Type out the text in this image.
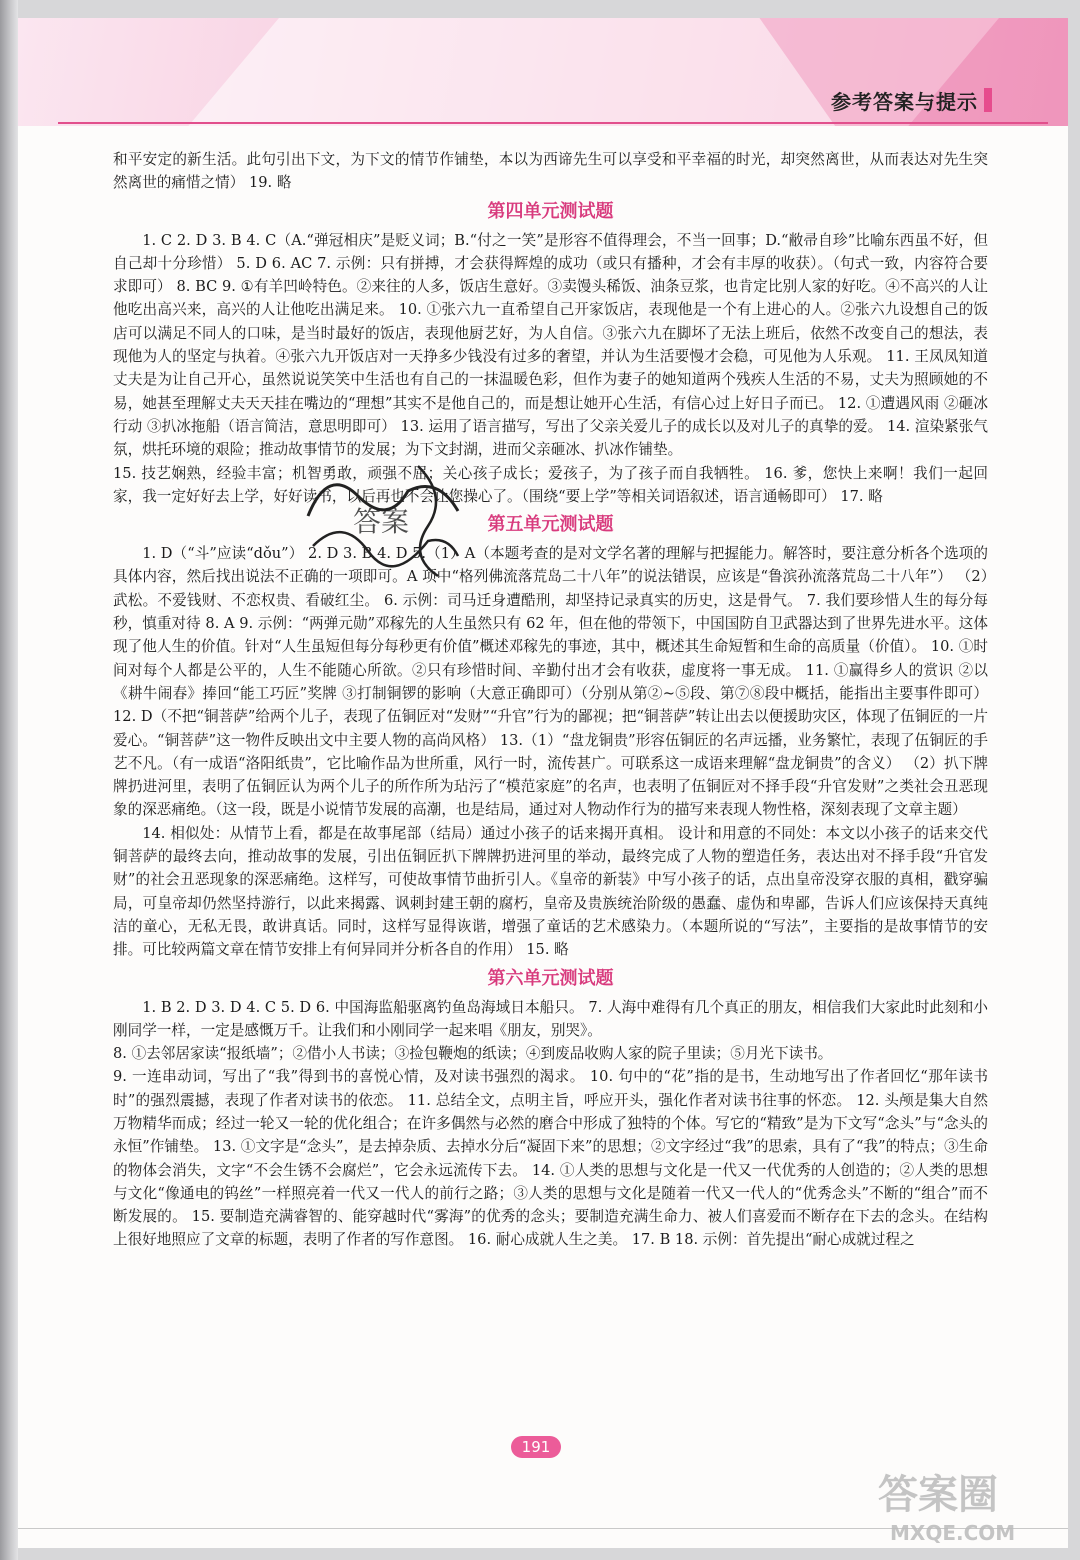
参考答案与提示

和平安定的新生活。此句引出下文，为下文的情节作铺垫，本以为西谛先生可以享受和平幸福的时光，却突然离世，从而表达对先生突然离世的痛惜之情） 19. 略

第四单元测试题

1. C 2. D 3. B 4. C（A.“弹冠相庆”是贬义词；B.“付之一笑”是形容不值得理会，不当一回事；D.“敝帚自珍”比喻东西虽不好，但自己却十分珍惜） 5. D 6. AC 7. 示例：只有拼搏，才会获得辉煌的成功（或只有播种，才会有丰厚的收获）。（句式一致，内容符合要求即可） 8. BC 9. ①有羊凹岭特色。②来往的人多，饭店生意好。③卖馒头稀饭、油条豆浆，也肯定比别人家的好吃。④不高兴的人让他吃出高兴来，高兴的人让他吃出满足来。 10. ①张六九一直希望自己开家饭店，表现他是一个有上进心的人。②张六九设想自己的饭店可以满足不同人的口味，是当时最好的饭店，表现他厨艺好，为人自信。③张六九在脚坏了无法上班后，依然不改变自己的想法，表现他为人的坚定与执着。④张六九开饭店对一天挣多少钱没有过多的奢望，并认为生活要慢才会稳，可见他为人乐观。 11. 王凤凤知道丈夫是为让自己开心，虽然说说笑笑中生活也有自己的一抹温暖色彩，但作为妻子的她知道两个残疾人生活的不易，丈夫为照顾她的不易，她甚至理解丈夫天天挂在嘴边的“理想”其实不是他自己的，而是想让她开心生活，有信心过上好日子而已。 12. ①遭遇风雨 ②砸冰行动 ③扒冰拖船（语言简洁，意思明即可） 13. 运用了语言描写，写出了父亲关爱儿子的成长以及对儿子的真挚的爱。 14. 渲染紧张气氛，烘托环境的艰险；推动故事情节的发展；为下文封湖，进而父亲砸冰、扒冰作铺垫。

15. 技艺娴熟，经验丰富；机智勇敢，顽强不屈；关心孩子成长；爱孩子，为了孩子而自我牺牲。 16. 爹，您快上来啊！我们一起回家，我一定好好去上学，好好读书，以后再也不会让您操心了。（围绕“要上学”等相关词语叙述，语言通畅即可） 17. 略

第五单元测试题

1. D（“斗”应读“dǒu”） 2. D 3. B 4. D 5.（1）A（本题考查的是对文学名著的理解与把握能力。解答时，要注意分析各个选项的具体内容，然后找出说法不正确的一项即可。A 项中“格列佛流落荒岛二十八年”的说法错误，应该是“鲁滨孙流落荒岛二十八年”） （2）武松。不爱钱财、不恋权贵、看破红尘。 6. 示例：司马迁身遭酷刑，却坚持记录真实的历史，这是骨气。 7. 我们要珍惜人生的每分每秒，慎重对待 8. A 9. 示例：“两弹元勋”邓稼先的人生虽然只有 62 年，但在他的带领下，中国国防自卫武器达到了世界先进水平。这体现了他人生的价值。针对“人生虽短但每分每秒更有价值”概述邓稼先的事迹，其中，概述其生命短暂和生命的高质量（价值）。 10. ①时间对每个人都是公平的，人生不能随心所欲。②只有珍惜时间、辛勤付出才会有收获，虚度将一事无成。 11. ①赢得乡人的赏识 ②以《耕牛闹春》捧回“能工巧匠”奖牌 ③打制铜锣的影响（大意正确即可）（分别从第②~⑤段、第⑦⑧段中概括，能指出主要事件即可） 12. D（不把“铜菩萨”给两个儿子，表现了伍铜匠对“发财”“升官”行为的鄙视；把“铜菩萨”转让出去以便援助灾区，体现了伍铜匠的一片爱心。“铜菩萨”这一物件反映出文中主要人物的高尚风格） 13.（1）“盘龙铜贵”形容伍铜匠的名声远播，业务繁忙，表现了伍铜匠的手艺不凡。（有一成语“洛阳纸贵”，它比喻作品为世所重，风行一时，流传甚广。可联系这一成语来理解“盘龙铜贵”的含义） （2）扒下牌牌扔进河里，表明了伍铜匠认为两个儿子的所作所为玷污了“模范家庭”的名声，也表明了伍铜匠对不择手段“升官发财”之类社会丑恶现象的深恶痛绝。（这一段，既是小说情节发展的高潮，也是结局，通过对人物动作行为的描写来表现人物性格，深刻表现了文章主题）

14. 相似处：从情节上看，都是在故事尾部（结局）通过小孩子的话来揭开真相。 设计和用意的不同处：本文以小孩子的话来交代铜菩萨的最终去向，推动故事的发展，引出伍铜匠扒下牌牌扔进河里的举动，最终完成了人物的塑造任务，表达出对不择手段“升官发财”的社会丑恶现象的深恶痛绝。这样写，可使故事情节曲折引人。《皇帝的新装》中写小孩子的话，点出皇帝没穿衣服的真相，戳穿骗局，可皇帝却仍然坚持游行，以此来揭露、讽刺封建王朝的腐朽，皇帝及贵族统治阶级的愚蠢、虚伪和卑鄙，告诉人们应该保持天真纯洁的童心，无私无畏，敢讲真话。同时，这样写显得诙谐，增强了童话的艺术感染力。（本题所说的“写法”，主要指的是故事情节的安排。可比较两篇文章在情节安排上有何异同并分析各自的作用） 15. 略

第六单元测试题

1. B 2. D 3. D 4. C 5. D 6. 中国海监船驱离钓鱼岛海域日本船只。 7. 人海中难得有几个真正的朋友，相信我们大家此时此刻和小刚同学一样，一定是感慨万千。让我们和小刚同学一起来唱《朋友，别哭》。

8. ①去邻居家读“报纸墙”；②借小人书读；③捡包鞭炮的纸读；④到废品收购人家的院子里读；⑤月光下读书。

9. 一连串动词，写出了“我”得到书的喜悦心情，及对读书强烈的渴求。 10. 句中的“花”指的是书，生动地写出了作者回忆“那年读书时”的强烈震撼，表现了作者对读书的依恋。 11. 总结全文，点明主旨，呼应开头，强化作者对读书往事的怀恋。 12. 头颅是集大自然万物精华而成；经过一轮又一轮的优化组合；在许多偶然与必然的磨合中形成了独特的个体。写它的“精致”是为下文写“念头”与“念头的永恒”作铺垫。 13. ①文字是“念头”，是去掉杂质、去掉水分后“凝固下来”的思想；②文字经过“我”的思索，具有了“我”的特点；③生命的物体会消失，文字“不会生锈不会腐烂”，它会永远流传下去。 14. ①人类的思想与文化是一代又一代优秀的人创造的；②人类的思想与文化“像通电的钨丝”一样照亮着一代又一代人的前行之路；③人类的思想与文化是随着一代又一代人的“优秀念头”不断的“组合”而不断发展的。 15. 要制造充满睿智的、能穿越时代“雾海”的优秀的念头；要制造充满生命力、被人们喜爱而不断存在下去的念头。在结构上很好地照应了文章的标题，表明了作者的写作意图。 16. 耐心成就人生之美。 17. B 18. 示例：首先提出“耐心成就过程之

191
答案
答案圈
MXQE.COM
